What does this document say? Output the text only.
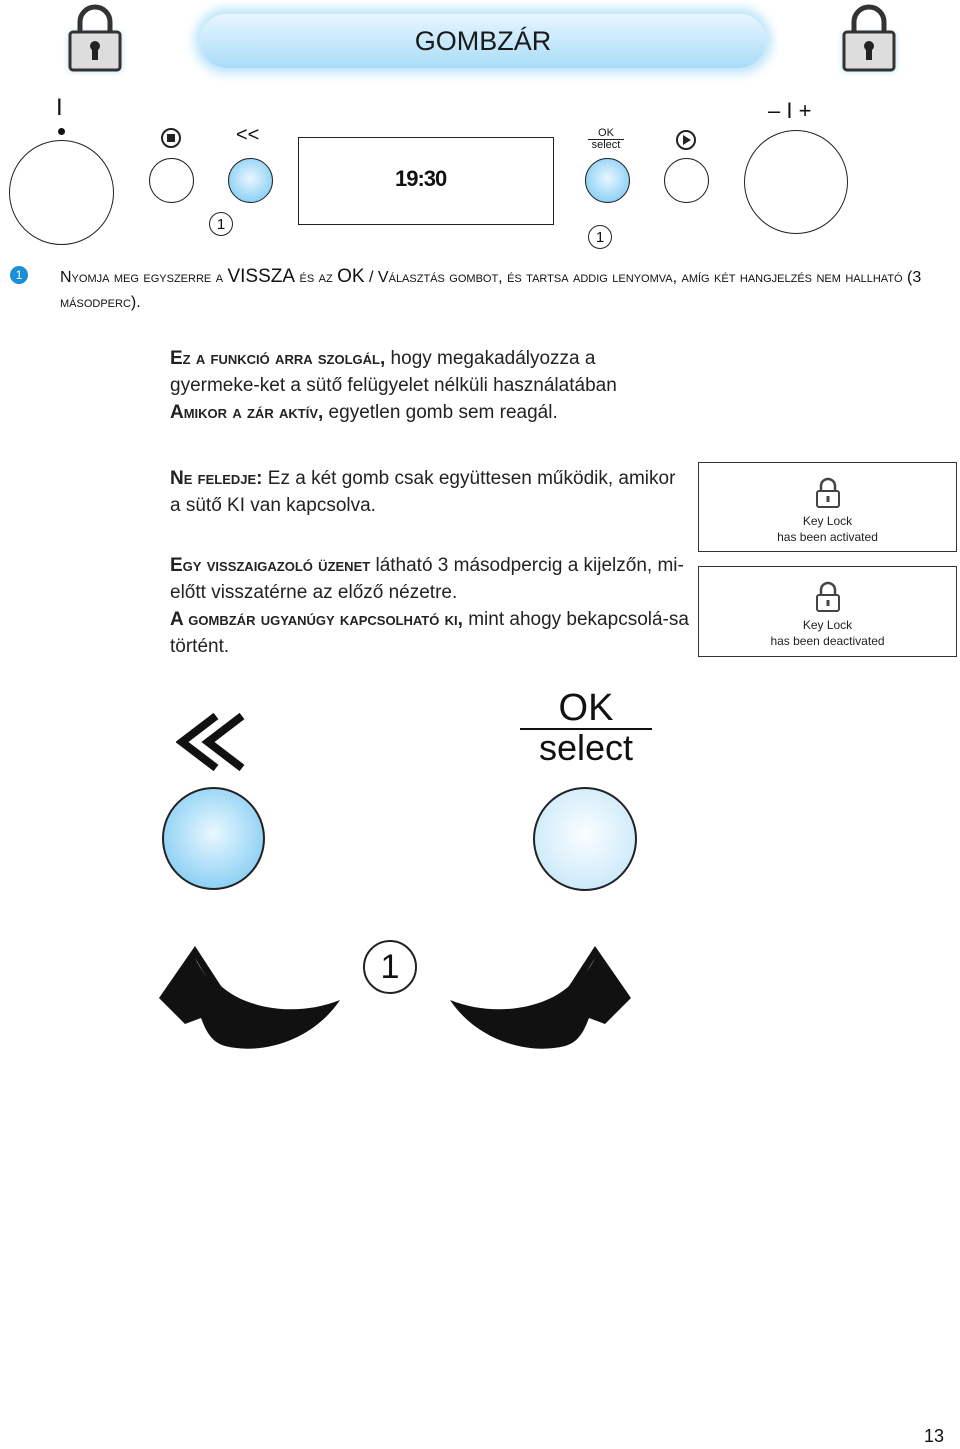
GOMBZÁR
I
<<
1
19:30
OK
select
1
– I +
1	Nyomja meg egyszerre a VISSZA és az OK / Választás gombot, és tartsa addig lenyomva, amíg két hangjelzés nem hallható (3 másodperc).
Ez a funkció arra szolgál, hogy megakadályozza a gyermeke-ket a sütő felügyelet nélküli használatában
Amikor a zár aktív, egyetlen gomb sem reagál.
Ne feledje: Ez a két gomb csak együttesen működik, amikor a sütő KI van kapcsolva.
Egy visszaigazoló üzenet látható 3 másodpercig a kijelzőn, mi-előtt visszatérne az előző nézetre.
A gombzár ugyanúgy kapcsolható ki, mint ahogy bekapcsolá-sa történt.
Key Lock
has been activated
Key Lock
has been deactivated
OK
select
1
13
